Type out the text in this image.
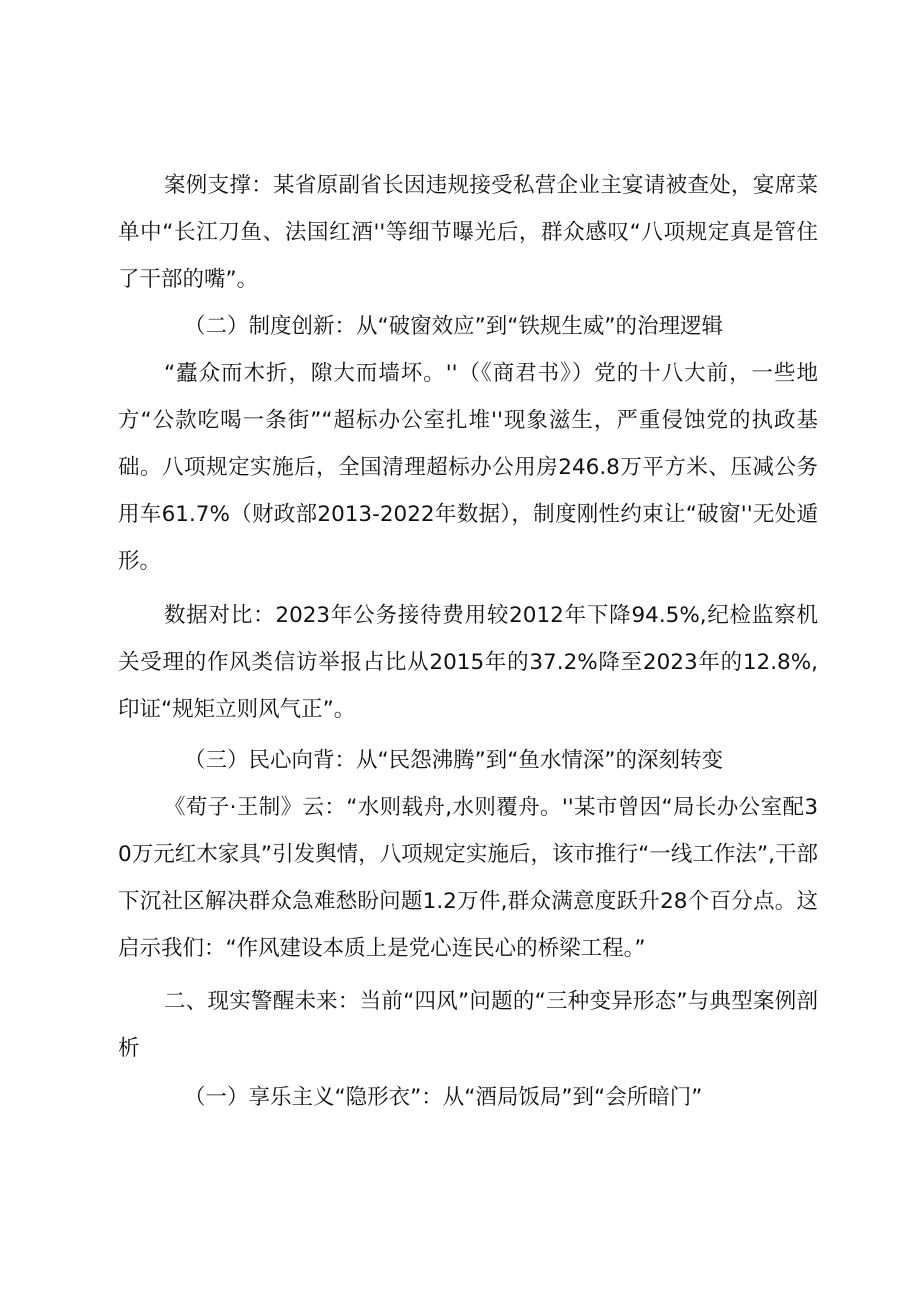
案例支撑：某省原副省长因违规接受私营企业主宴请被查处，宴席菜单中“长江刀鱼、法国红酒''等细节曝光后，群众感叹“八项规定真是管住了干部的嘴”。

（二）制度创新：从“破窗效应”到“铁规生威”的治理逻辑

“蠹众而木折，隙大而墙坏。''（《商君书》）党的十八大前，一些地方“公款吃喝一条街”“超标办公室扎堆''现象滋生，严重侵蚀党的执政基础。八项规定实施后，全国清理超标办公用房246.8万平方米、压减公务用车61.7%（财政部2013-2022年数据），制度刚性约束让“破窗''无处遁形。

数据对比：2023年公务接待费用较2012年下降94.5%,纪检监察机关受理的作风类信访举报占比从2015年的37.2%降至2023年的12.8%,印证“规矩立则风气正”。

（三）民心向背：从“民怨沸腾”到“鱼水情深”的深刻转变

《荀子·王制》云：“水则载舟,水则覆舟。''某市曾因“局长办公室配30万元红木家具”引发舆情，八项规定实施后，该市推行“一线工作法”,干部下沉社区解决群众急难愁盼问题1.2万件,群众满意度跃升28个百分点。这启示我们：“作风建设本质上是党心连民心的桥梁工程。”

二、现实警醒未来：当前“四风”问题的“三种变异形态”与典型案例剖析

（一）享乐主义“隐形衣”：从“酒局饭局”到“会所暗门”
